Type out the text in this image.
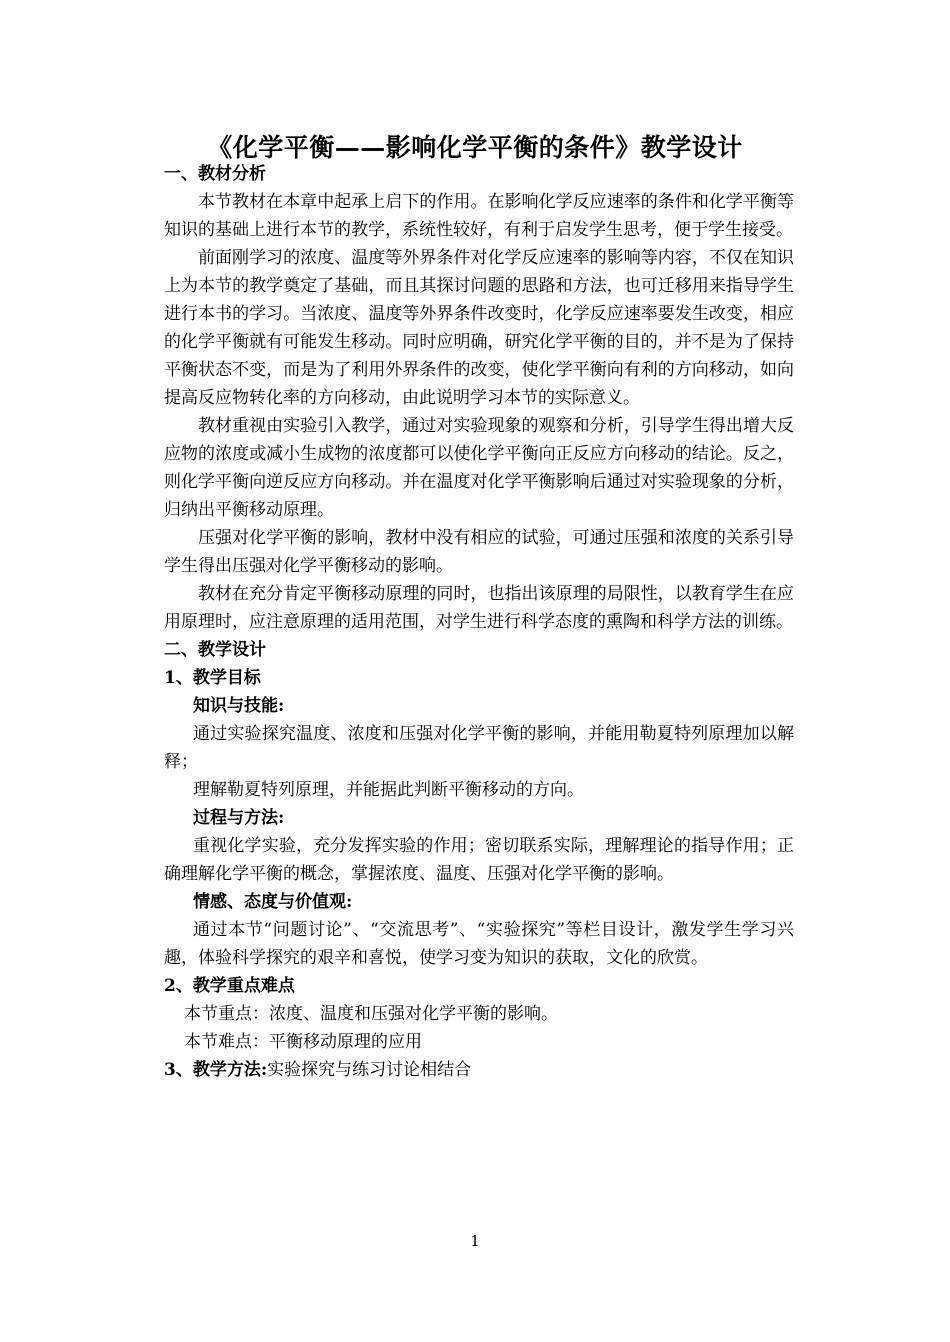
《化学平衡——影响化学平衡的条件》教学设计
一、教材分析

本节教材在本章中起承上启下的作用。在影响化学反应速率的条件和化学平衡等知识的基础上进行本节的教学，系统性较好，有利于启发学生思考，便于学生接受。

前面刚学习的浓度、温度等外界条件对化学反应速率的影响等内容，不仅在知识上为本节的教学奠定了基础，而且其探讨问题的思路和方法，也可迁移用来指导学生进行本书的学习。当浓度、温度等外界条件改变时，化学反应速率要发生改变，相应的化学平衡就有可能发生移动。同时应明确，研究化学平衡的目的，并不是为了保持平衡状态不变，而是为了利用外界条件的改变，使化学平衡向有利的方向移动，如向提高反应物转化率的方向移动，由此说明学习本节的实际意义。

教材重视由实验引入教学，通过对实验现象的观察和分析，引导学生得出增大反应物的浓度或减小生成物的浓度都可以使化学平衡向正反应方向移动的结论。反之，则化学平衡向逆反应方向移动。并在温度对化学平衡影响后通过对实验现象的分析，归纳出平衡移动原理。

压强对化学平衡的影响，教材中没有相应的试验，可通过压强和浓度的关系引导学生得出压强对化学平衡移动的影响。

教材在充分肯定平衡移动原理的同时，也指出该原理的局限性，以教育学生在应用原理时，应注意原理的适用范围，对学生进行科学态度的熏陶和科学方法的训练。

二、教学设计
1、教学目标
知识与技能:

通过实验探究温度、浓度和压强对化学平衡的影响，并能用勒夏特列原理加以解释；

理解勒夏特列原理，并能据此判断平衡移动的方向。

过程与方法:

重视化学实验，充分发挥实验的作用；密切联系实际，理解理论的指导作用；正确理解化学平衡的概念，掌握浓度、温度、压强对化学平衡的影响。

情感、态度与价值观:

通过本节“问题讨论”、“交流思考”、“实验探究”等栏目设计，激发学生学习兴趣，体验科学探究的艰辛和喜悦，使学习变为知识的获取，文化的欣赏。

2、教学重点难点
本节重点：浓度、温度和压强对化学平衡的影响。
本节难点：平衡移动原理的应用
3、教学方法:实验探究与练习讨论相结合
1
